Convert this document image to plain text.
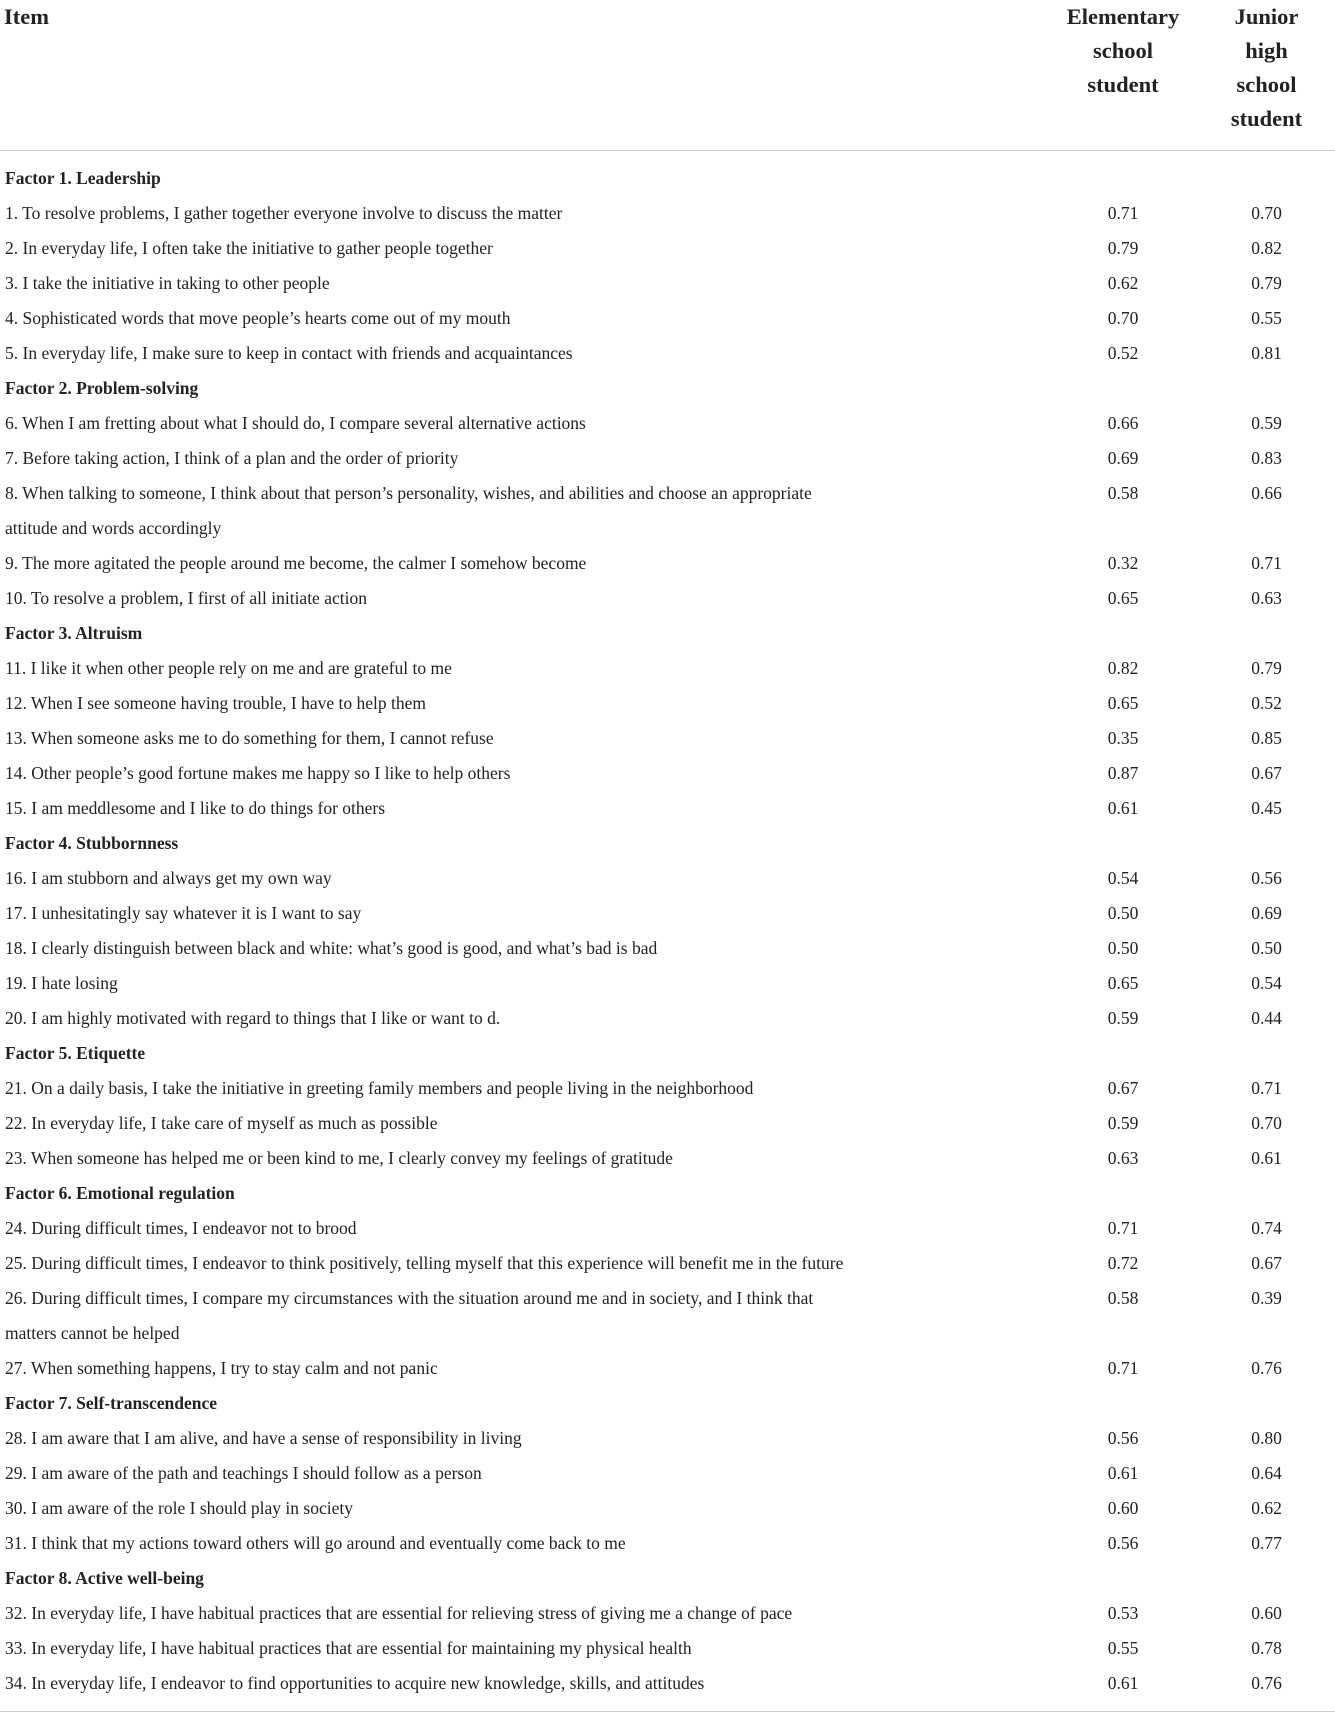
Item	Elementary
school
student	Junior
high
school
student

Factor 1. Leadership		
1. To resolve problems, I gather together everyone involve to discuss the matter	0.71	0.70
2. In everyday life, I often take the initiative to gather people together	0.79	0.82
3. I take the initiative in taking to other people	0.62	0.79
4. Sophisticated words that move people’s hearts come out of my mouth	0.70	0.55
5. In everyday life, I make sure to keep in contact with friends and acquaintances	0.52	0.81
Factor 2. Problem-solving		
6. When I am fretting about what I should do, I compare several alternative actions	0.66	0.59
7. Before taking action, I think of a plan and the order of priority	0.69	0.83
8. When talking to someone, I think about that person’s personality, wishes, and abilities and choose an appropriate	0.58	0.66
attitude and words accordingly		
9. The more agitated the people around me become, the calmer I somehow become	0.32	0.71
10. To resolve a problem, I first of all initiate action	0.65	0.63
Factor 3. Altruism		
11. I like it when other people rely on me and are grateful to me	0.82	0.79
12. When I see someone having trouble, I have to help them	0.65	0.52
13. When someone asks me to do something for them, I cannot refuse	0.35	0.85
14. Other people’s good fortune makes me happy so I like to help others	0.87	0.67
15. I am meddlesome and I like to do things for others	0.61	0.45
Factor 4. Stubbornness		
16. I am stubborn and always get my own way	0.54	0.56
17. I unhesitatingly say whatever it is I want to say	0.50	0.69
18. I clearly distinguish between black and white: what’s good is good, and what’s bad is bad	0.50	0.50
19. I hate losing	0.65	0.54
20. I am highly motivated with regard to things that I like or want to d.	0.59	0.44
Factor 5. Etiquette		
21. On a daily basis, I take the initiative in greeting family members and people living in the neighborhood	0.67	0.71
22. In everyday life, I take care of myself as much as possible	0.59	0.70
23. When someone has helped me or been kind to me, I clearly convey my feelings of gratitude	0.63	0.61
Factor 6. Emotional regulation		
24. During difficult times, I endeavor not to brood	0.71	0.74
25. During difficult times, I endeavor to think positively, telling myself that this experience will benefit me in the future	0.72	0.67
26. During difficult times, I compare my circumstances with the situation around me and in society, and I think that	0.58	0.39
matters cannot be helped		
27. When something happens, I try to stay calm and not panic	0.71	0.76
Factor 7. Self-transcendence		
28. I am aware that I am alive, and have a sense of responsibility in living	0.56	0.80
29. I am aware of the path and teachings I should follow as a person	0.61	0.64
30. I am aware of the role I should play in society	0.60	0.62
31. I think that my actions toward others will go around and eventually come back to me	0.56	0.77
Factor 8. Active well-being		
32. In everyday life, I have habitual practices that are essential for relieving stress of giving me a change of pace	0.53	0.60
33. In everyday life, I have habitual practices that are essential for maintaining my physical health	0.55	0.78
34. In everyday life, I endeavor to find opportunities to acquire new knowledge, skills, and attitudes	0.61	0.76
